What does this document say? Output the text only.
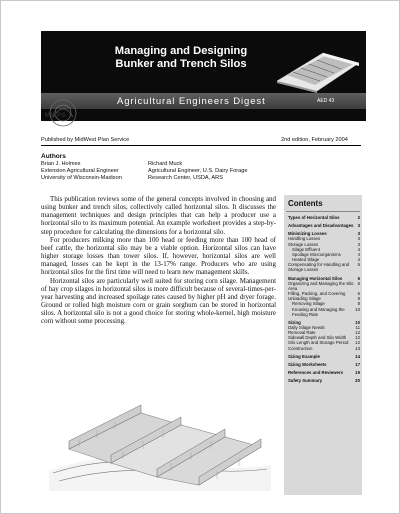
Managing and Designing
Bunker and Trench Silos
Agricultural Engineers Digest	AED 43
MWPS
Published by MidWest Plan Service	2nd edition, February 2004
Authors
Brian J. Holmes
Extension Agricultural Engineer
University of Wisconsin-Madison
Richard Muck
Agricultural Engineer, U.S. Dairy Forage
Research Center, USDA, ARS

This publication reviews some of the general concepts involved in choosing and using bunker and trench silos, collectively called horizontal silos. It discusses the management techniques and design principles that can help a producer use a horizontal silo to its maximum potential. An example worksheet provides a step-by-step procedure for calculating the dimensions for a horizontal silo.

For producers milking more than 100 head or feeding more than 100 head of beef cattle, the horizontal silo may be a viable option. Horizontal silos can have higher storage losses than tower silos. If, however, horizontal silos are well managed, losses can be kept in the 13-17% range. Producers who are using horizontal silos for the first time will need to learn new management skills.

Horizontal silos are particularly well suited for storing corn silage. Management of hay crop silages in horizontal silos is more difficult because of several-times-per-year harvesting and increased spoilage rates caused by higher pH and dryer forage. Ground or rolled high moisture corn or grain sorghum can be stored in horizontal silos. A horizontal silo is not a good choice for storing whole-kernel, high moisture corn without some processing.

Contents
Types of Horizontal Silos	2
Advantages and Disadvantages 3
Minimizing Losses	3
Handling Losses	3
Storage Losses	3
Silage Effluent	4
Spoilage Microorganisms	4
Heated Silage	4
Compensating for Handling and Storage Losses
5
Managing Horizontal Silos	5
Organizing and Managing the Silo Area
6
Filling, Packing, and Covering	6
Unloading Silage	8
Removing Silage	8
Knowing and Managing the Feeding Rate
10
Sizing	10
Daily Silage Needs	11
Removal Rate	12
Sidewall Depth and Silo Width 12
Silo Length and Storage Period 12
Construction	13
Sizing Example	14
Sizing Worksheets	17
References and Reviewers	19
Safety Summary	20
